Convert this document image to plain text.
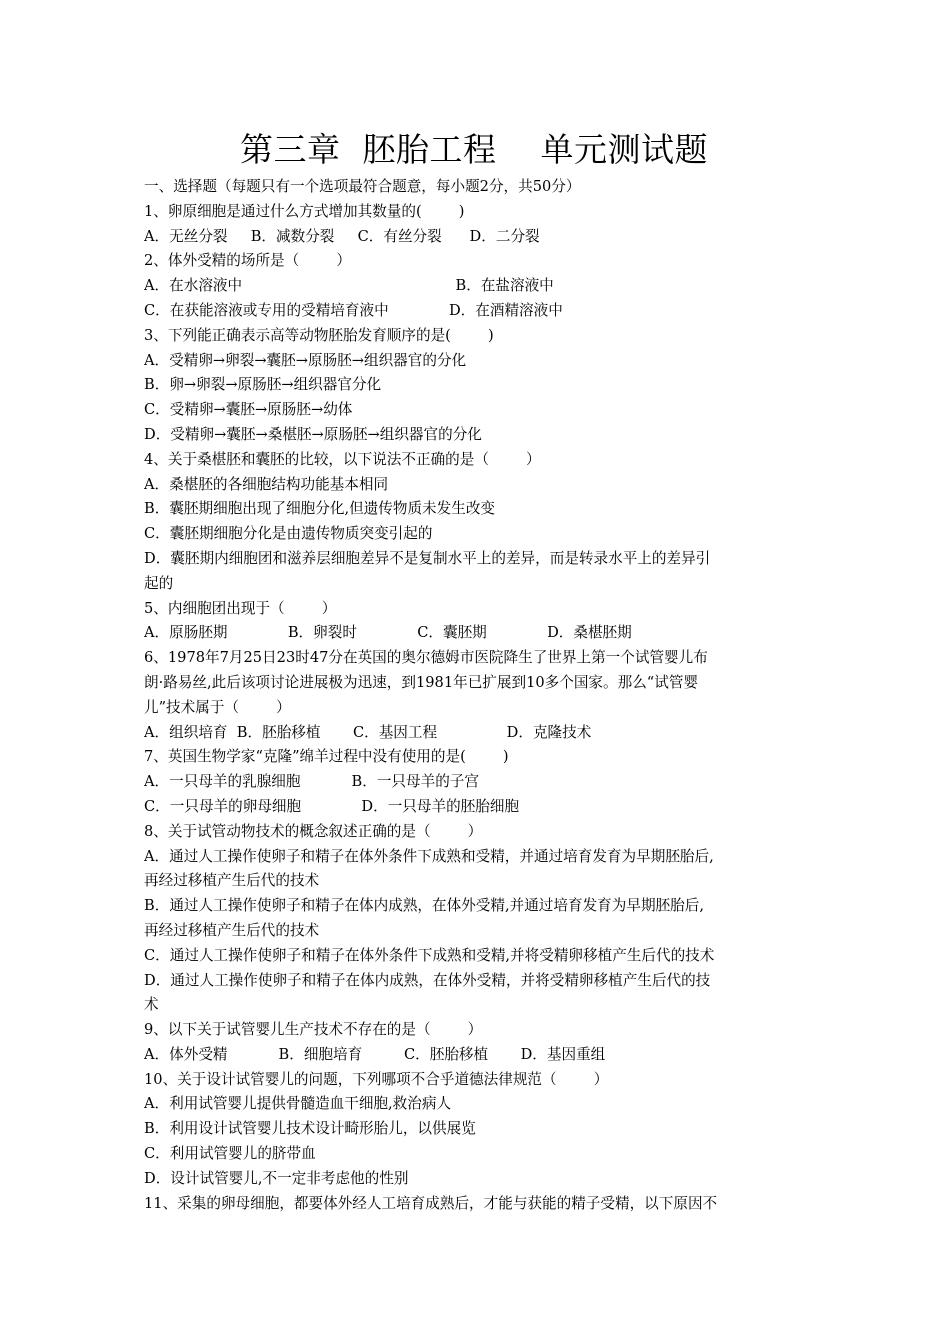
第三章  胚胎工程    单元测试题
一、选择题（每题只有一个选项最符合题意，每小题2分，共50分）
1、卵原细胞是通过什么方式增加其数量的(        )
A．无丝分裂     B．减数分裂     C．有丝分裂      D．二分裂
2、体外受精的场所是（        ）
A．在水溶液中                                              B．在盐溶液中
C．在获能溶液或专用的受精培育液中             D．在酒精溶液中
3、下列能正确表示高等动物胚胎发育顺序的是(        )
A．受精卵→卵裂→囊胚→原肠胚→组织器官的分化
B．卵→卵裂→原肠胚→组织器官分化
C．受精卵→囊胚→原肠胚→幼体
D．受精卵→囊胚→桑椹胚→原肠胚→组织器官的分化
4、关于桑椹胚和囊胚的比较，以下说法不正确的是（        ）
A．桑椹胚的各细胞结构功能基本相同
B．囊胚期细胞出现了细胞分化,但遗传物质未发生改变
C．囊胚期细胞分化是由遗传物质突变引起的
D．囊胚期内细胞团和滋养层细胞差异不是复制水平上的差异，而是转录水平上的差异引
起的
5、内细胞团出现于（        ）
A．原肠胚期             B．卵裂时             C．囊胚期             D．桑椹胚期
6、1978年7月25日23时47分在英国的奥尔德姆市医院降生了世界上第一个试管婴儿布
朗·路易丝,此后该项讨论进展极为迅速，到1981年已扩展到10多个国家。那么“试管婴
儿”技术属于（        ）
A．组织培育  B．胚胎移植       C．基因工程               D．克隆技术
7、英国生物学家“克隆”绵羊过程中没有使用的是(        )
A．一只母羊的乳腺细胞           B．一只母羊的子宫
C．一只母羊的卵母细胞             D．一只母羊的胚胎细胞
8、关于试管动物技术的概念叙述正确的是（        ）
A．通过人工操作使卵子和精子在体外条件下成熟和受精，并通过培育发育为早期胚胎后,
再经过移植产生后代的技术
B．通过人工操作使卵子和精子在体内成熟，在体外受精,并通过培育发育为早期胚胎后,
再经过移植产生后代的技术
C．通过人工操作使卵子和精子在体外条件下成熟和受精,并将受精卵移植产生后代的技术
D．通过人工操作使卵子和精子在体内成熟，在体外受精，并将受精卵移植产生后代的技
术
9、以下关于试管婴儿生产技术不存在的是（        ）
A．体外受精           B．细胞培育         C．胚胎移植       D．基因重组
10、关于设计试管婴儿的问题，下列哪项不合乎道德法律规范（        ）
A．利用试管婴儿提供骨髓造血干细胞,救治病人
B．利用设计试管婴儿技术设计畸形胎儿，以供展览
C．利用试管婴儿的脐带血
D．设计试管婴儿,不一定非考虑他的性别
11、采集的卵母细胞，都要体外经人工培育成熟后，才能与获能的精子受精，以下原因不
